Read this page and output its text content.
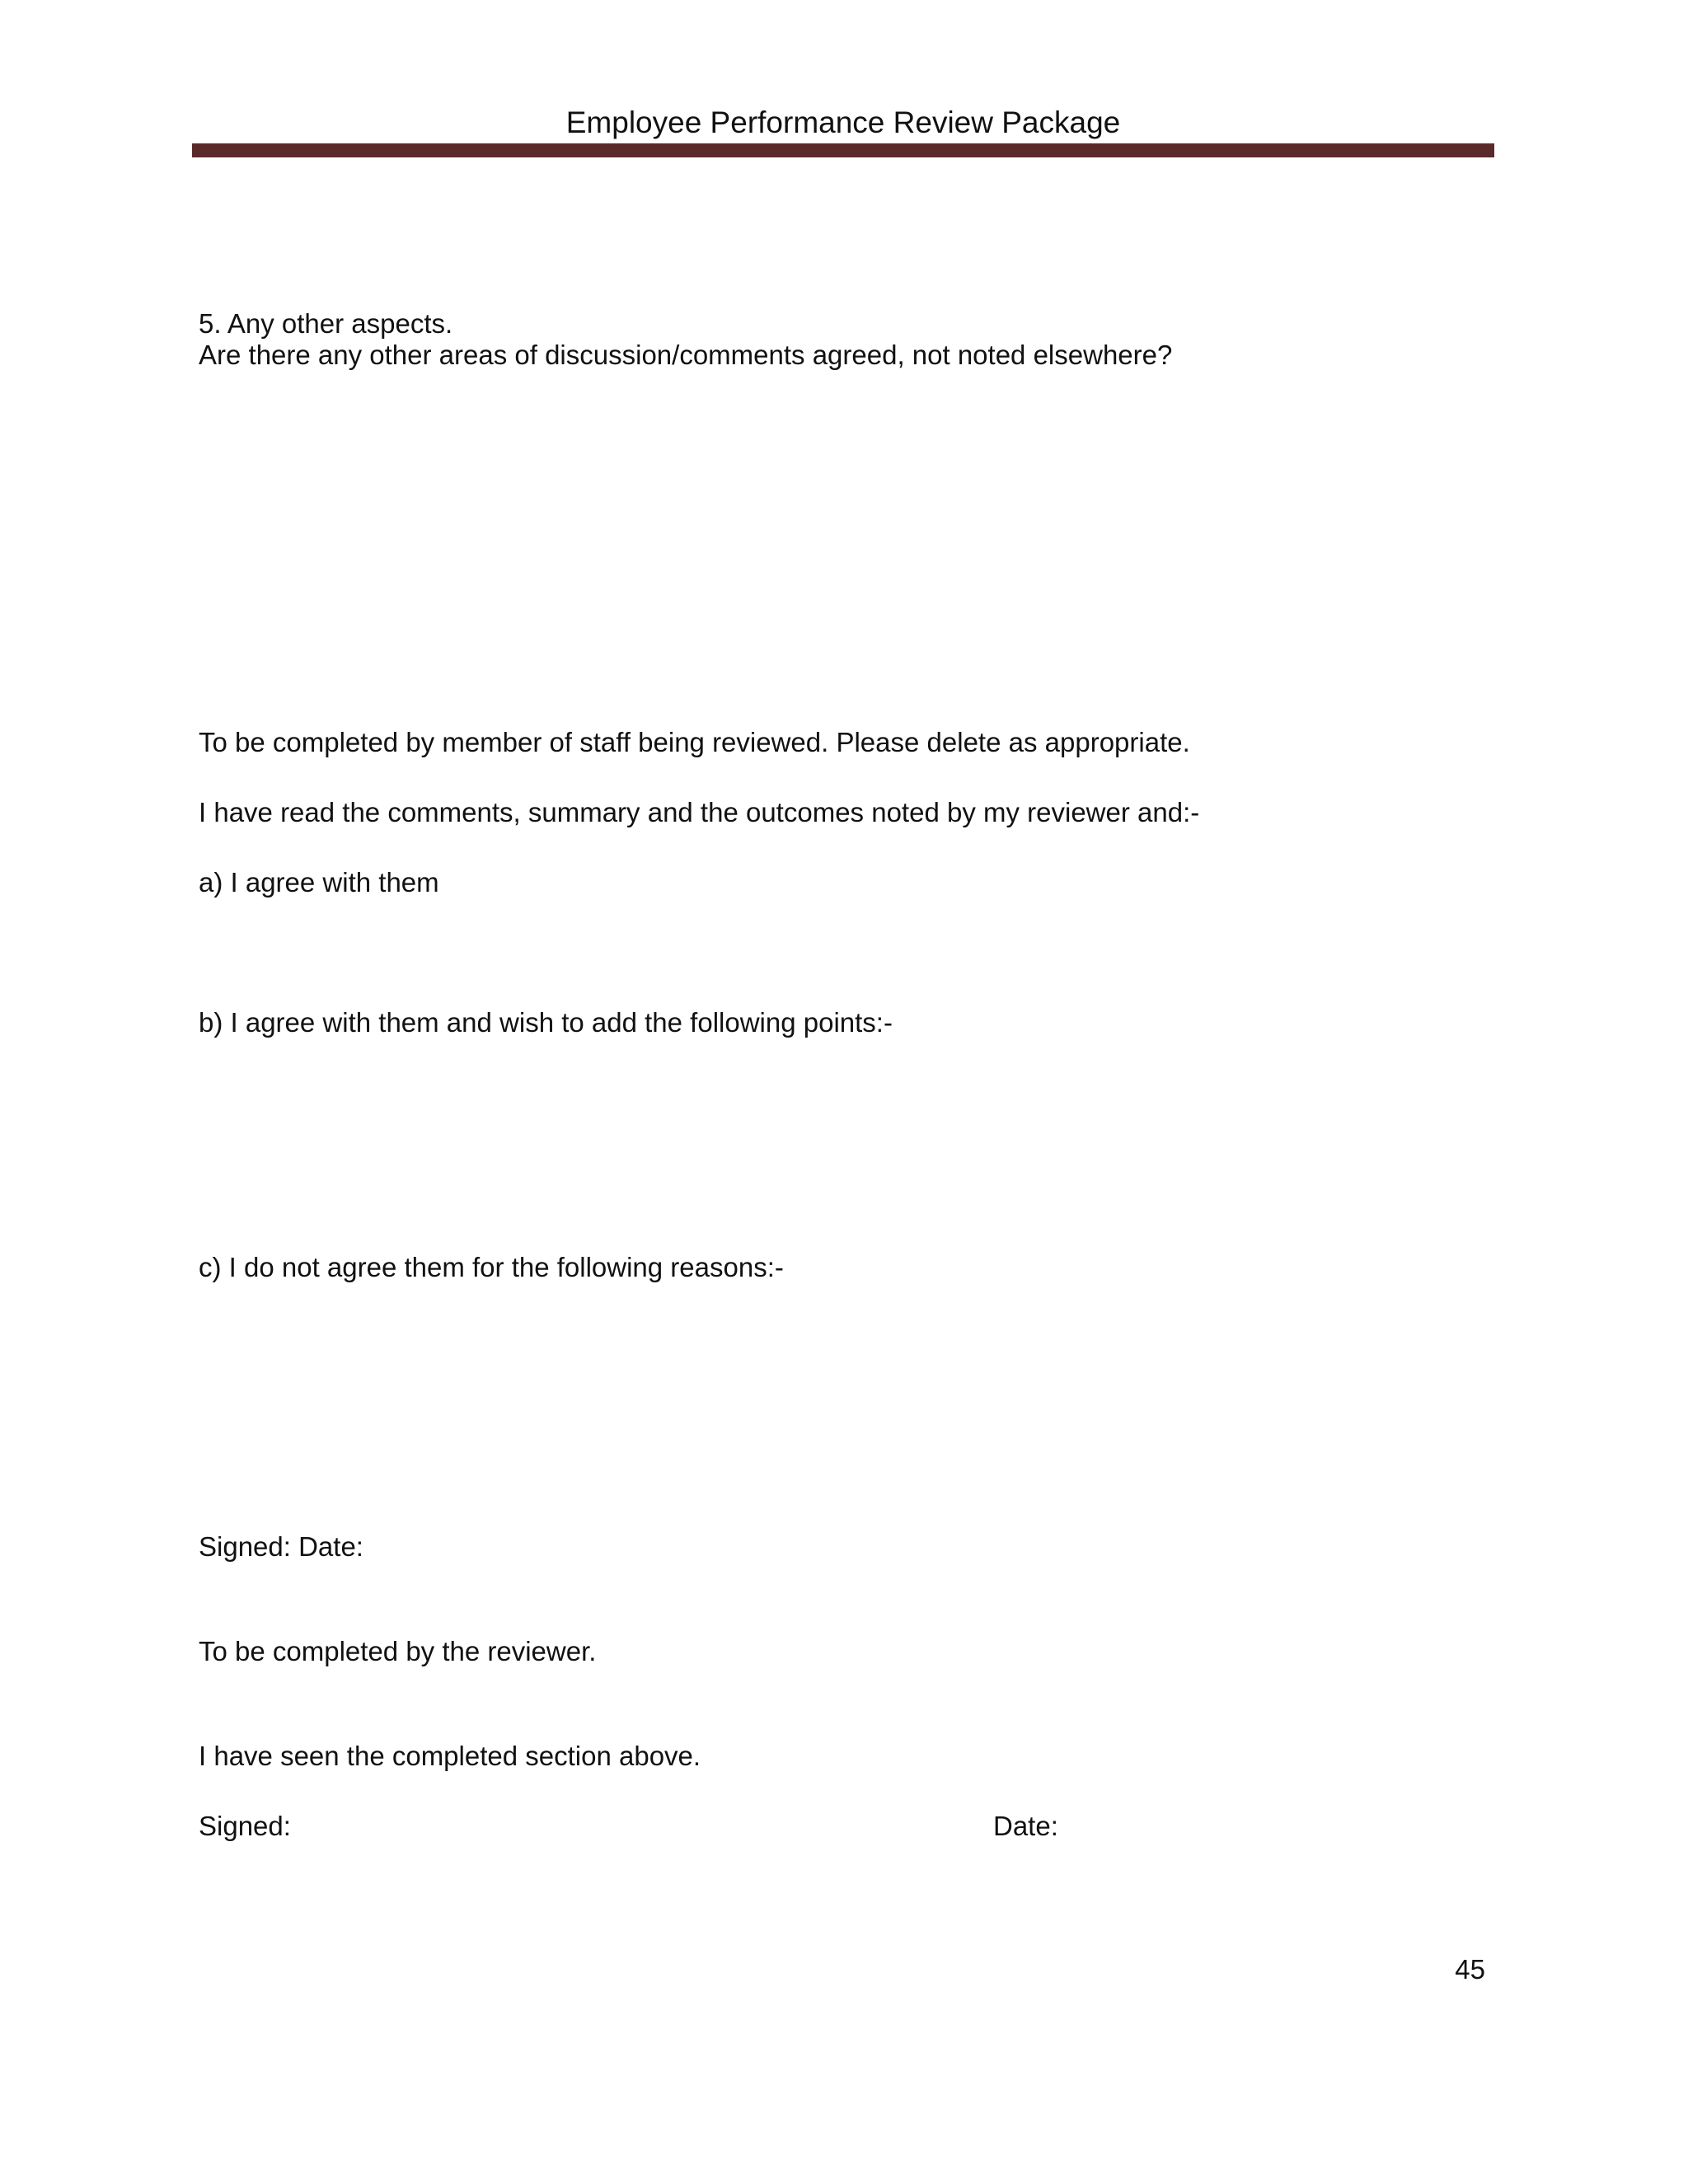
Employee Performance Review Package
5. Any other aspects.
Are there any other areas of discussion/comments agreed, not noted elsewhere?
To be completed by member of staff being reviewed. Please delete as appropriate.
I have read the comments, summary and the outcomes noted by my reviewer and:-
a) I agree with them
b) I agree with them and wish to add the following points:-
c) I do not agree them for the following reasons:-
Signed: Date:
To be completed by the reviewer.
I have seen the completed section above.
Signed:	Date:
45
